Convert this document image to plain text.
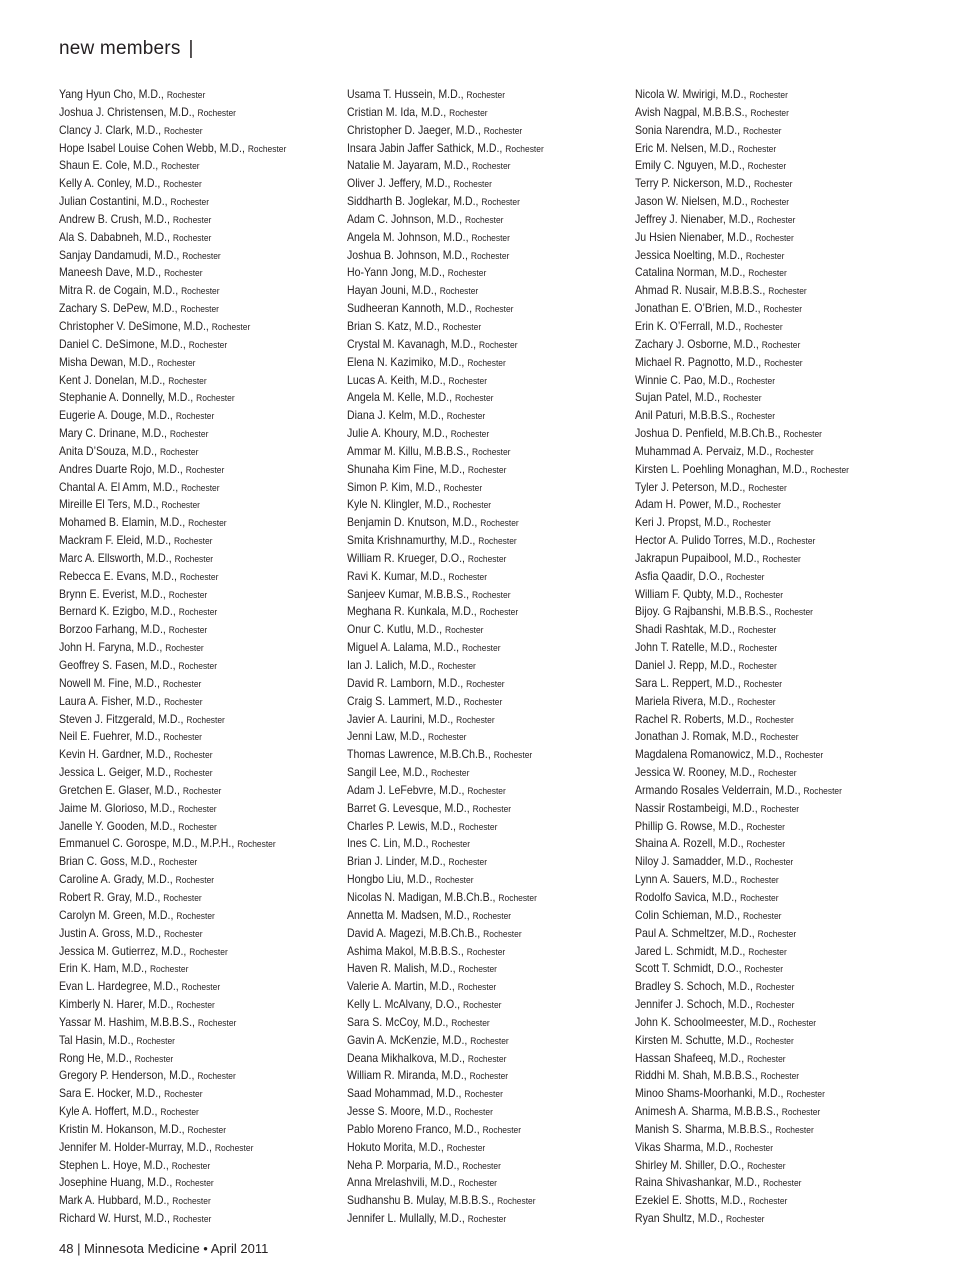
new members |
Yang Hyun Cho, M.D., Rochester
Joshua J. Christensen, M.D., Rochester
Clancy J. Clark, M.D., Rochester
Hope Isabel Louise Cohen Webb, M.D., Rochester
Shaun E. Cole, M.D., Rochester
Kelly A. Conley, M.D., Rochester
Julian Costantini, M.D., Rochester
Andrew B. Crush, M.D., Rochester
Ala S. Dababneh, M.D., Rochester
Sanjay Dandamudi, M.D., Rochester
Maneesh Dave, M.D., Rochester
Mitra R. de Cogain, M.D., Rochester
Zachary S. DePew, M.D., Rochester
Christopher V. DeSimone, M.D., Rochester
Daniel C. DeSimone, M.D., Rochester
Misha Dewan, M.D., Rochester
Kent J. Donelan, M.D., Rochester
Stephanie A. Donnelly, M.D., Rochester
Eugerie A. Douge, M.D., Rochester
Mary C. Drinane, M.D., Rochester
Anita D’Souza, M.D., Rochester
Andres Duarte Rojo, M.D., Rochester
Chantal A. El Amm, M.D., Rochester
Mireille El Ters, M.D., Rochester
Mohamed B. Elamin, M.D., Rochester
Mackram F. Eleid, M.D., Rochester
Marc A. Ellsworth, M.D., Rochester
Rebecca E. Evans, M.D., Rochester
Brynn E. Everist, M.D., Rochester
Bernard K. Ezigbo, M.D., Rochester
Borzoo Farhang, M.D., Rochester
John H. Faryna, M.D., Rochester
Geoffrey S. Fasen, M.D., Rochester
Nowell M. Fine, M.D., Rochester
Laura A. Fisher, M.D., Rochester
Steven J. Fitzgerald, M.D., Rochester
Neil E. Fuehrer, M.D., Rochester
Kevin H. Gardner, M.D., Rochester
Jessica L. Geiger, M.D., Rochester
Gretchen E. Glaser, M.D., Rochester
Jaime M. Glorioso, M.D., Rochester
Janelle Y. Gooden, M.D., Rochester
Emmanuel C. Gorospe, M.D., M.P.H., Rochester
Brian C. Goss, M.D., Rochester
Caroline A. Grady, M.D., Rochester
Robert R. Gray, M.D., Rochester
Carolyn M. Green, M.D., Rochester
Justin A. Gross, M.D., Rochester
Jessica M. Gutierrez, M.D., Rochester
Erin K. Ham, M.D., Rochester
Evan L. Hardegree, M.D., Rochester
Kimberly N. Harer, M.D., Rochester
Yassar M. Hashim, M.B.B.S., Rochester
Tal Hasin, M.D., Rochester
Rong He, M.D., Rochester
Gregory P. Henderson, M.D., Rochester
Sara E. Hocker, M.D., Rochester
Kyle A. Hoffert, M.D., Rochester
Kristin M. Hokanson, M.D., Rochester
Jennifer M. Holder-Murray, M.D., Rochester
Stephen L. Hoye, M.D., Rochester
Josephine Huang, M.D., Rochester
Mark A. Hubbard, M.D., Rochester
Richard W. Hurst, M.D., Rochester
Usama T. Hussein, M.D., Rochester
Cristian M. Ida, M.D., Rochester
Christopher D. Jaeger, M.D., Rochester
Insara Jabin Jaffer Sathick, M.D., Rochester
Natalie M. Jayaram, M.D., Rochester
Oliver J. Jeffery, M.D., Rochester
Siddharth B. Joglekar, M.D., Rochester
Adam C. Johnson, M.D., Rochester
Angela M. Johnson, M.D., Rochester
Joshua B. Johnson, M.D., Rochester
Ho-Yann Jong, M.D., Rochester
Hayan Jouni, M.D., Rochester
Sudheeran Kannoth, M.D., Rochester
Brian S. Katz, M.D., Rochester
Crystal M. Kavanagh, M.D., Rochester
Elena N. Kazimiko, M.D., Rochester
Lucas A. Keith, M.D., Rochester
Angela M. Kelle, M.D., Rochester
Diana J. Kelm, M.D., Rochester
Julie A. Khoury, M.D., Rochester
Ammar M. Killu, M.B.B.S., Rochester
Shunaha Kim Fine, M.D., Rochester
Simon P. Kim, M.D., Rochester
Kyle N. Klingler, M.D., Rochester
Benjamin D. Knutson, M.D., Rochester
Smita Krishnamurthy, M.D., Rochester
William R. Krueger, D.O., Rochester
Ravi K. Kumar, M.D., Rochester
Sanjeev Kumar, M.B.B.S., Rochester
Meghana R. Kunkala, M.D., Rochester
Onur C. Kutlu, M.D., Rochester
Miguel A. Lalama, M.D., Rochester
Ian J. Lalich, M.D., Rochester
David R. Lamborn, M.D., Rochester
Craig S. Lammert, M.D., Rochester
Javier A. Laurini, M.D., Rochester
Jenni Law, M.D., Rochester
Thomas Lawrence, M.B.Ch.B., Rochester
Sangil Lee, M.D., Rochester
Adam J. LeFebvre, M.D., Rochester
Barret G. Levesque, M.D., Rochester
Charles P. Lewis, M.D., Rochester
Ines C. Lin, M.D., Rochester
Brian J. Linder, M.D., Rochester
Hongbo Liu, M.D., Rochester
Nicolas N. Madigan, M.B.Ch.B., Rochester
Annetta M. Madsen, M.D., Rochester
David A. Magezi, M.B.Ch.B., Rochester
Ashima Makol, M.B.B.S., Rochester
Haven R. Malish, M.D., Rochester
Valerie A. Martin, M.D., Rochester
Kelly L. McAlvany, D.O., Rochester
Sara S. McCoy, M.D., Rochester
Gavin A. McKenzie, M.D., Rochester
Deana Mikhalkova, M.D., Rochester
William R. Miranda, M.D., Rochester
Saad Mohammad, M.D., Rochester
Jesse S. Moore, M.D., Rochester
Pablo Moreno Franco, M.D., Rochester
Hokuto Morita, M.D., Rochester
Neha P. Morparia, M.D., Rochester
Anna Mrelashvili, M.D., Rochester
Sudhanshu B. Mulay, M.B.B.S., Rochester
Jennifer L. Mullally, M.D., Rochester
Nicola W. Mwirigi, M.D., Rochester
Avish Nagpal, M.B.B.S., Rochester
Sonia Narendra, M.D., Rochester
Eric M. Nelsen, M.D., Rochester
Emily C. Nguyen, M.D., Rochester
Terry P. Nickerson, M.D., Rochester
Jason W. Nielsen, M.D., Rochester
Jeffrey J. Nienaber, M.D., Rochester
Ju Hsien Nienaber, M.D., Rochester
Jessica Noelting, M.D., Rochester
Catalina Norman, M.D., Rochester
Ahmad R. Nusair, M.B.B.S., Rochester
Jonathan E. O’Brien, M.D., Rochester
Erin K. O’Ferrall, M.D., Rochester
Zachary J. Osborne, M.D., Rochester
Michael R. Pagnotto, M.D., Rochester
Winnie C. Pao, M.D., Rochester
Sujan Patel, M.D., Rochester
Anil Paturi, M.B.B.S., Rochester
Joshua D. Penfield, M.B.Ch.B., Rochester
Muhammad A. Pervaiz, M.D., Rochester
Kirsten L. Poehling Monaghan, M.D., Rochester
Tyler J. Peterson, M.D., Rochester
Adam H. Power, M.D., Rochester
Keri J. Propst, M.D., Rochester
Hector A. Pulido Torres, M.D., Rochester
Jakrapun Pupaibool, M.D., Rochester
Asfia Qaadir, D.O., Rochester
William F. Qubty, M.D., Rochester
Bijoy. G Rajbanshi, M.B.B.S., Rochester
Shadi Rashtak, M.D., Rochester
John T. Ratelle, M.D., Rochester
Daniel J. Repp, M.D., Rochester
Sara L. Reppert, M.D., Rochester
Mariela Rivera, M.D., Rochester
Rachel R. Roberts, M.D., Rochester
Jonathan J. Romak, M.D., Rochester
Magdalena Romanowicz, M.D., Rochester
Jessica W. Rooney, M.D., Rochester
Armando Rosales Velderrain, M.D., Rochester
Nassir Rostambeigi, M.D., Rochester
Phillip G. Rowse, M.D., Rochester
Shaina A. Rozell, M.D., Rochester
Niloy J. Samadder, M.D., Rochester
Lynn A. Sauers, M.D., Rochester
Rodolfo Savica, M.D., Rochester
Colin Schieman, M.D., Rochester
Paul A. Schmeltzer, M.D., Rochester
Jared L. Schmidt, M.D., Rochester
Scott T. Schmidt, D.O., Rochester
Bradley S. Schoch, M.D., Rochester
Jennifer J. Schoch, M.D., Rochester
John K. Schoolmeester, M.D., Rochester
Kirsten M. Schutte, M.D., Rochester
Hassan Shafeeq, M.D., Rochester
Riddhi M. Shah, M.B.B.S., Rochester
Minoo Shams-Moorhanki, M.D., Rochester
Animesh A. Sharma, M.B.B.S., Rochester
Manish S. Sharma, M.B.B.S., Rochester
Vikas Sharma, M.D., Rochester
Shirley M. Shiller, D.O., Rochester
Raina Shivashankar, M.D., Rochester
Ezekiel E. Shotts, M.D., Rochester
Ryan Shultz, M.D., Rochester
48 | Minnesota Medicine • April 2011
